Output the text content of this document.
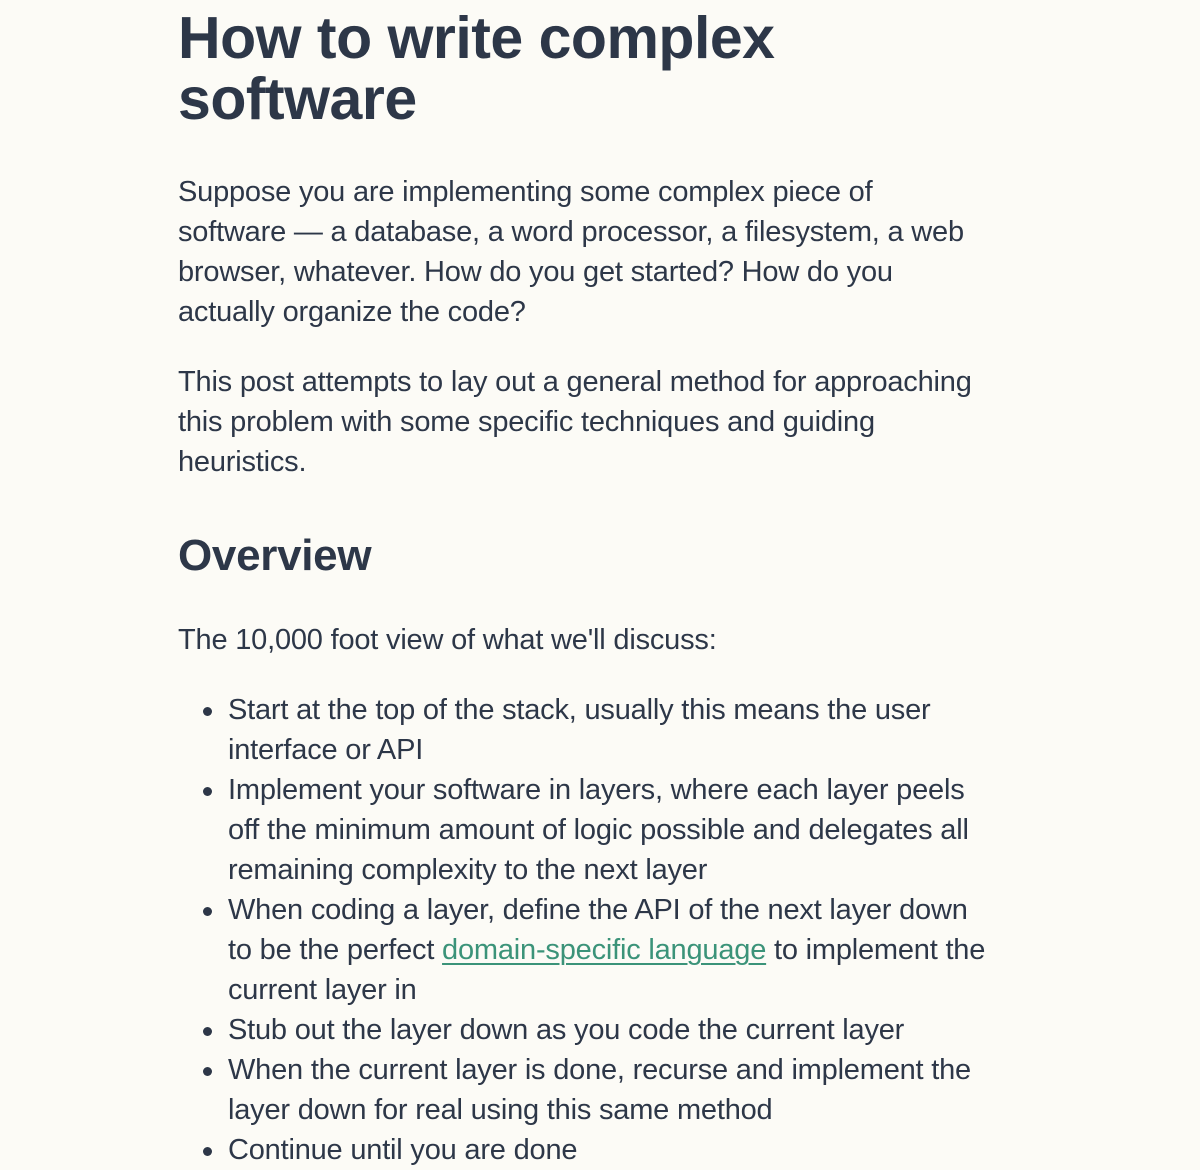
How to write complex software

Suppose you are implementing some complex piece of software — a database, a word processor, a filesystem, a web browser, whatever. How do you get started? How do you actually organize the code?

This post attempts to lay out a general method for approaching this problem with some specific techniques and guiding heuristics.

Overview

The 10,000 foot view of what we'll discuss:

Start at the top of the stack, usually this means the user interface or API
Implement your software in layers, where each layer peels off the minimum amount of logic possible and delegates all remaining complexity to the next layer
When coding a layer, define the API of the next layer down to be the perfect domain-specific language to implement the current layer in
Stub out the layer down as you code the current layer
When the current layer is done, recurse and implement the layer down for real using this same method
Continue until you are done
